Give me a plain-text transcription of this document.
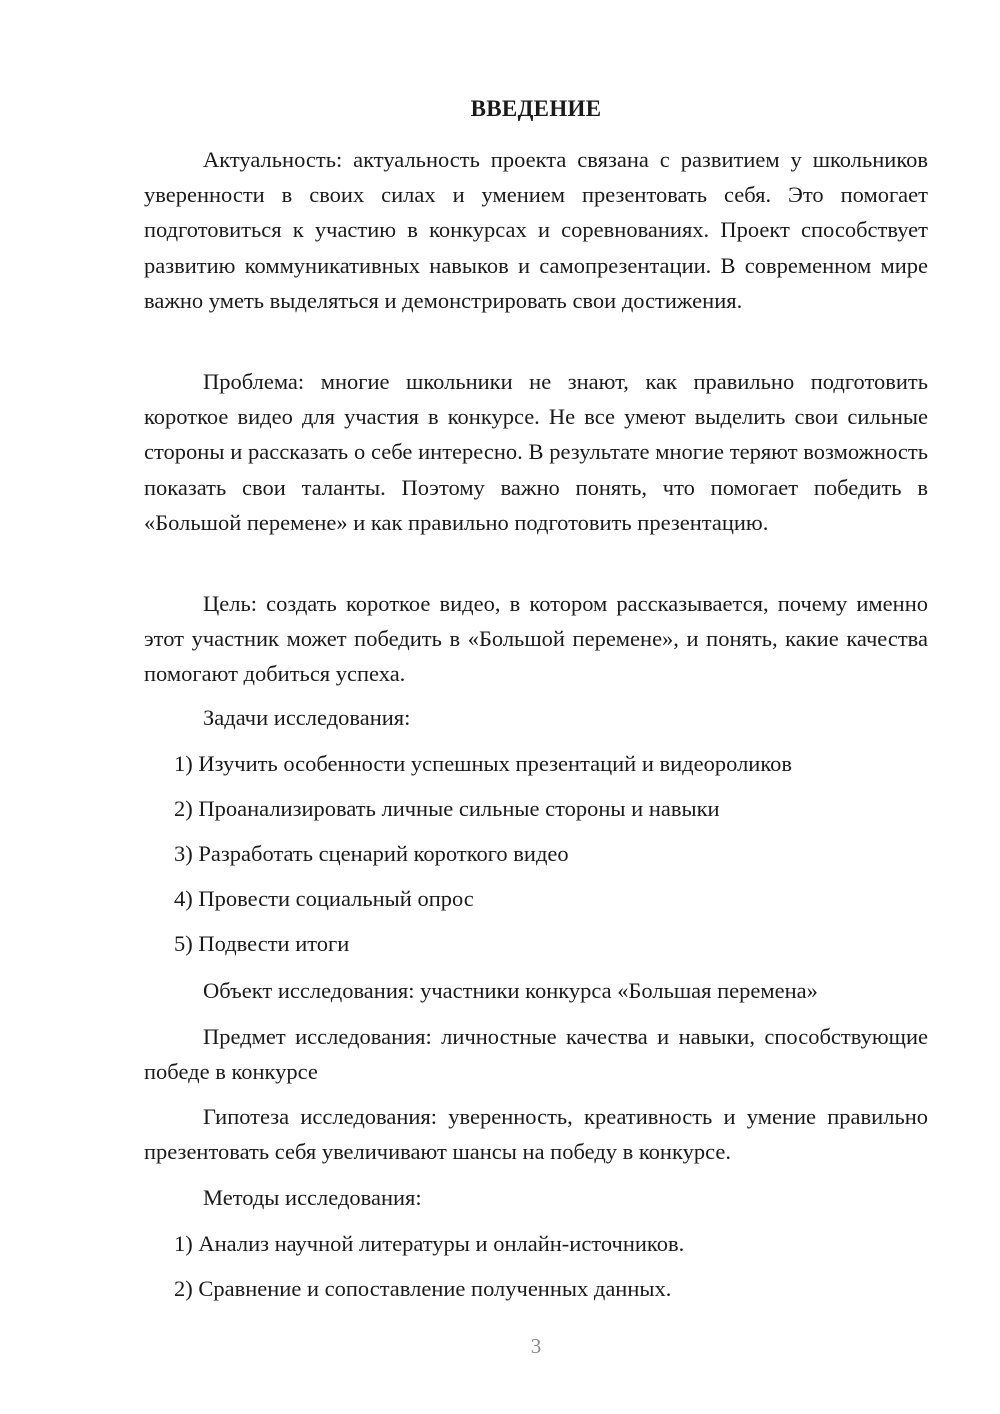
ВВЕДЕНИЕ

Актуальность: актуальность проекта связана с развитием у школьников уверенности в своих силах и умением презентовать себя. Это помогает подготовиться к участию в конкурсах и соревнованиях. Проект способствует развитию коммуникативных навыков и самопрезентации. В современном мире важно уметь выделяться и демонстрировать свои достижения.

Проблема: многие школьники не знают, как правильно подготовить короткое видео для участия в конкурсе. Не все умеют выделить свои сильные стороны и рассказать о себе интересно. В результате многие теряют возможность показать свои таланты. Поэтому важно понять, что помогает победить в «Большой перемене» и как правильно подготовить презентацию.

Цель: создать короткое видео, в котором рассказывается, почему именно этот участник может победить в «Большой перемене», и понять, какие качества помогают добиться успеха.

Задачи исследования:

1) Изучить особенности успешных презентаций и видеороликов

2) Проанализировать личные сильные стороны и навыки

3) Разработать сценарий короткого видео

4) Провести социальный опрос

5) Подвести итоги

Объект исследования: участники конкурса «Большая перемена»

Предмет исследования: личностные качества и навыки, способствующие победе в конкурсе

Гипотеза исследования: уверенность, креативность и умение правильно презентовать себя увеличивают шансы на победу в конкурсе.

Методы исследования:

1) Анализ научной литературы и онлайн-источников.

2) Сравнение и сопоставление полученных данных.

3
